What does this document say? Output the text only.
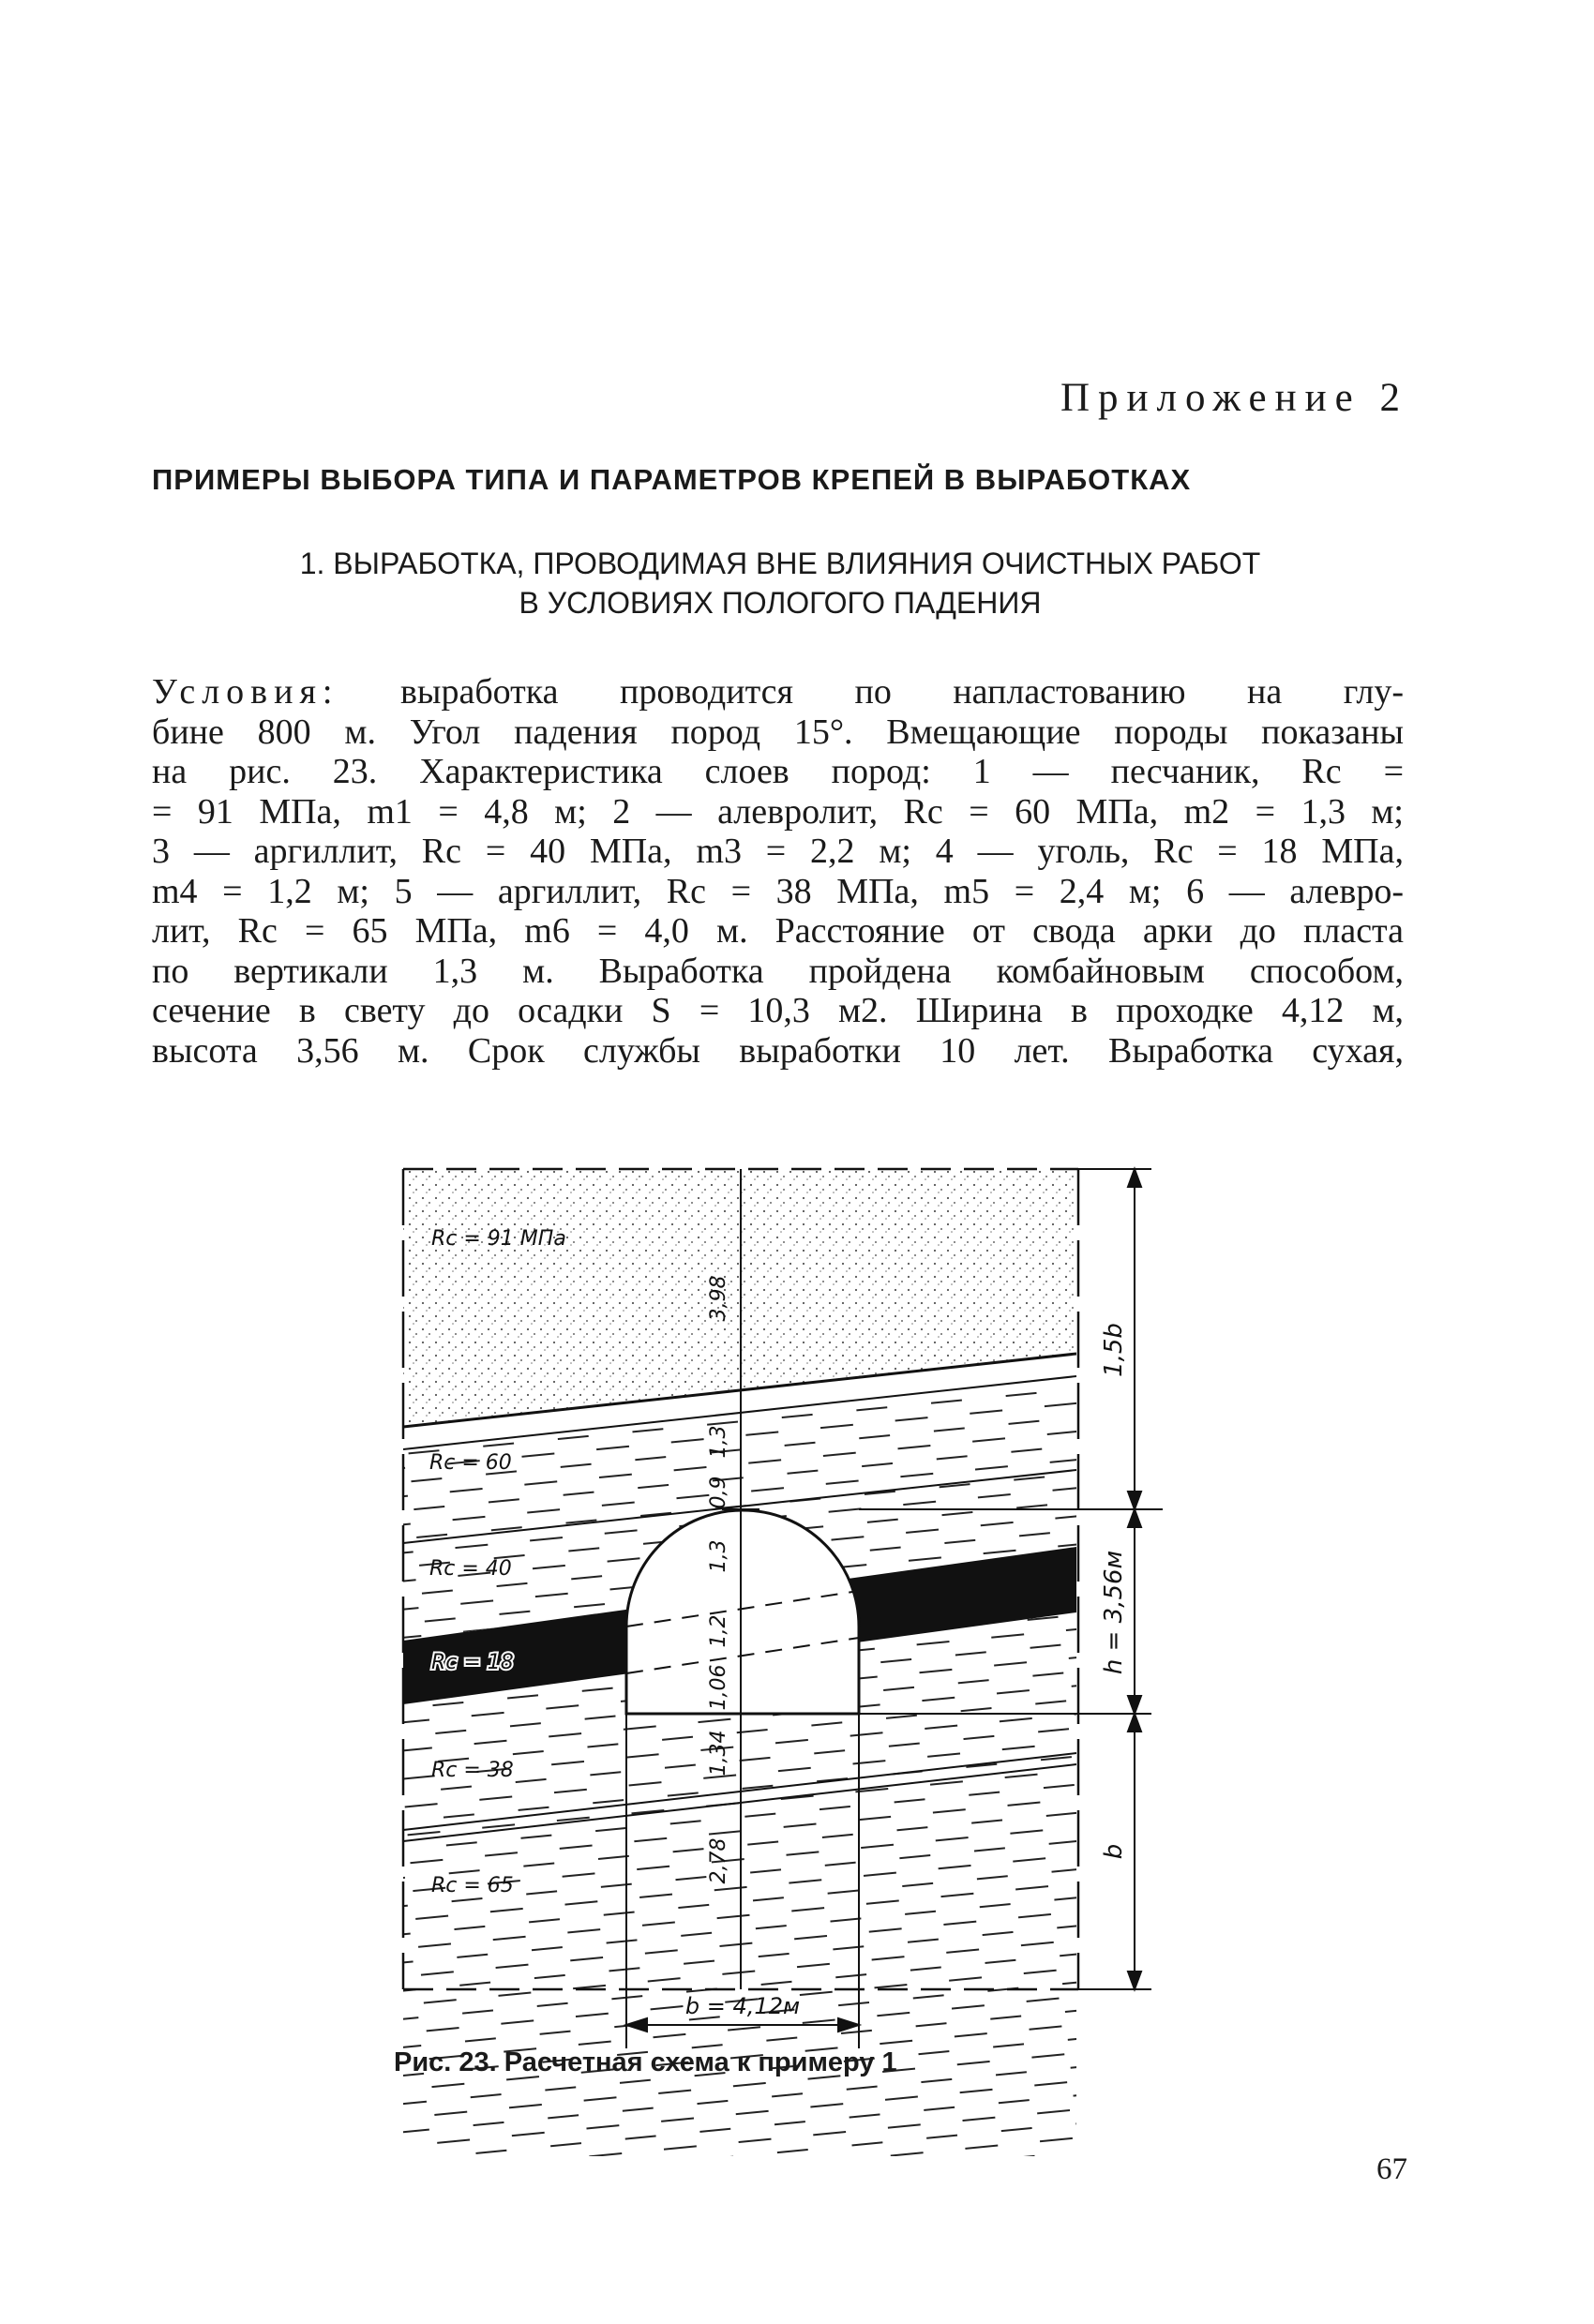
Приложение 2
ПРИМЕРЫ ВЫБОРА ТИПА И ПАРАМЕТРОВ КРЕПЕЙ В ВЫРАБОТКАХ
1. ВЫРАБОТКА, ПРОВОДИМАЯ ВНЕ ВЛИЯНИЯ ОЧИСТНЫХ РАБОТ
В УСЛОВИЯХ ПОЛОГОГО ПАДЕНИЯ

Условия: выработка проводится по напластованию на глу-
бине 800 м. Угол падения пород 15°. Вмещающие породы показаны
на рис. 23. Характеристика слоев пород: 1 — песчаник, Rc =
= 91 МПа, m1 = 4,8 м; 2 — алевролит, Rc = 60 МПа, m2 = 1,3 м;
3 — аргиллит, Rc = 40 МПа, m3 = 2,2 м; 4 — уголь, Rc = 18 МПа,
m4 = 1,2 м; 5 — аргиллит, Rc = 38 МПа, m5 = 2,4 м; 6 — алевро-
лит, Rc = 65 МПа, m6 = 4,0 м. Расстояние от свода арки до пласта
по вертикали 1,3 м. Выработка пройдена комбайновым способом,
сечение в свету до осадки S = 10,3 м2. Ширина в проходке 4,12 м,
высота 3,56 м. Срок службы выработки 10 лет. Выработка сухая,

Rc = 91 МПа
Rc = 60
Rc = 40
Rc = 18
Rc = 38
Rc = 65
3,98
1,3
0,9
1,3
1,2
1,06
1,34
2,78
1,5b
h = 3,56м
b
b = 4,12м

Рис. 23. Расчетная схема к примеру 1

67
